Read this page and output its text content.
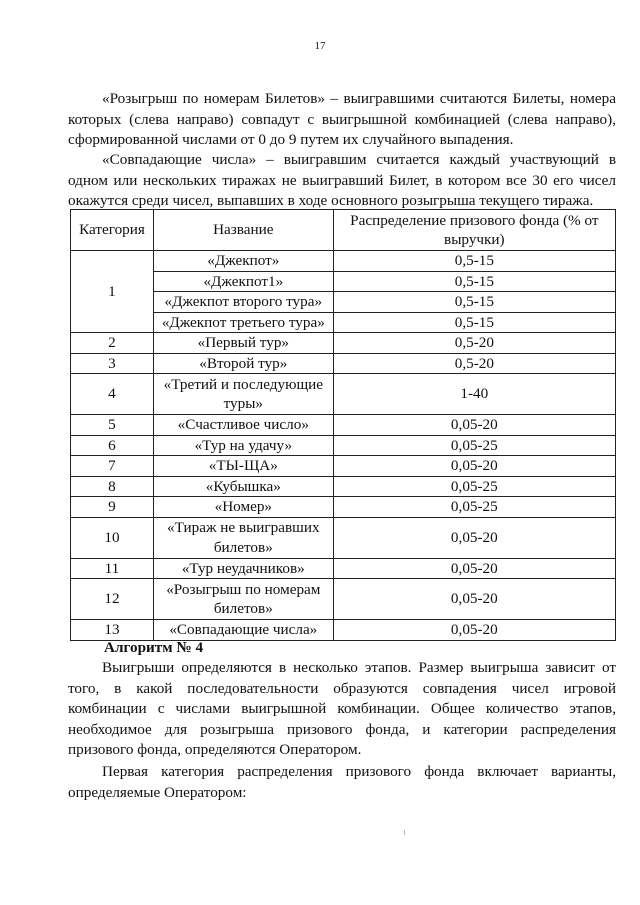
17

«Розыгрыш по номерам Билетов» – выигравшими считаются Билеты, номера которых (слева направо) совпадут с выигрышной комбинацией (слева направо), сформированной числами от 0 до 9 путем их случайного выпадения.

«Совпадающие числа» – выигравшим считается каждый участвующий в одном или нескольких тиражах не выигравший Билет, в котором все 30 его чисел окажутся среди чисел, выпавших в ходе основного розыгрыша текущего тиража.

Категория	Название	Распределение призового фонда (% от выручки)
1	«Джекпот»	0,5-15
	«Джекпот1»	0,5-15
	«Джекпот второго тура»	0,5-15
	«Джекпот третьего тура»	0,5-15
2	«Первый тур»	0,5-20
3	«Второй тур»	0,5-20
4	«Третий и последующие туры»	1-40
5	«Счастливое число»	0,05-20
6	«Тур на удачу»	0,05-25
7	«ТЫ-ЩА»	0,05-20
8	«Кубышка»	0,05-25
9	«Номер»	0,05-25
10	«Тираж не выигравших билетов»	0,05-20
11	«Тур неудачников»	0,05-20
12	«Розыгрыш по номерам билетов»	0,05-20
13	«Совпадающие числа»	0,05-20
Алгоритм № 4

Выигрыши определяются в несколько этапов. Размер выигрыша зависит от того, в какой последовательности образуются совпадения чисел игровой комбинации с числами выигрышной комбинации. Общее количество этапов, необходимое для розыгрыша призового фонда, и категории распределения призового фонда, определяются Оператором.

Первая категория распределения призового фонда включает варианты, определяемые Оператором:
